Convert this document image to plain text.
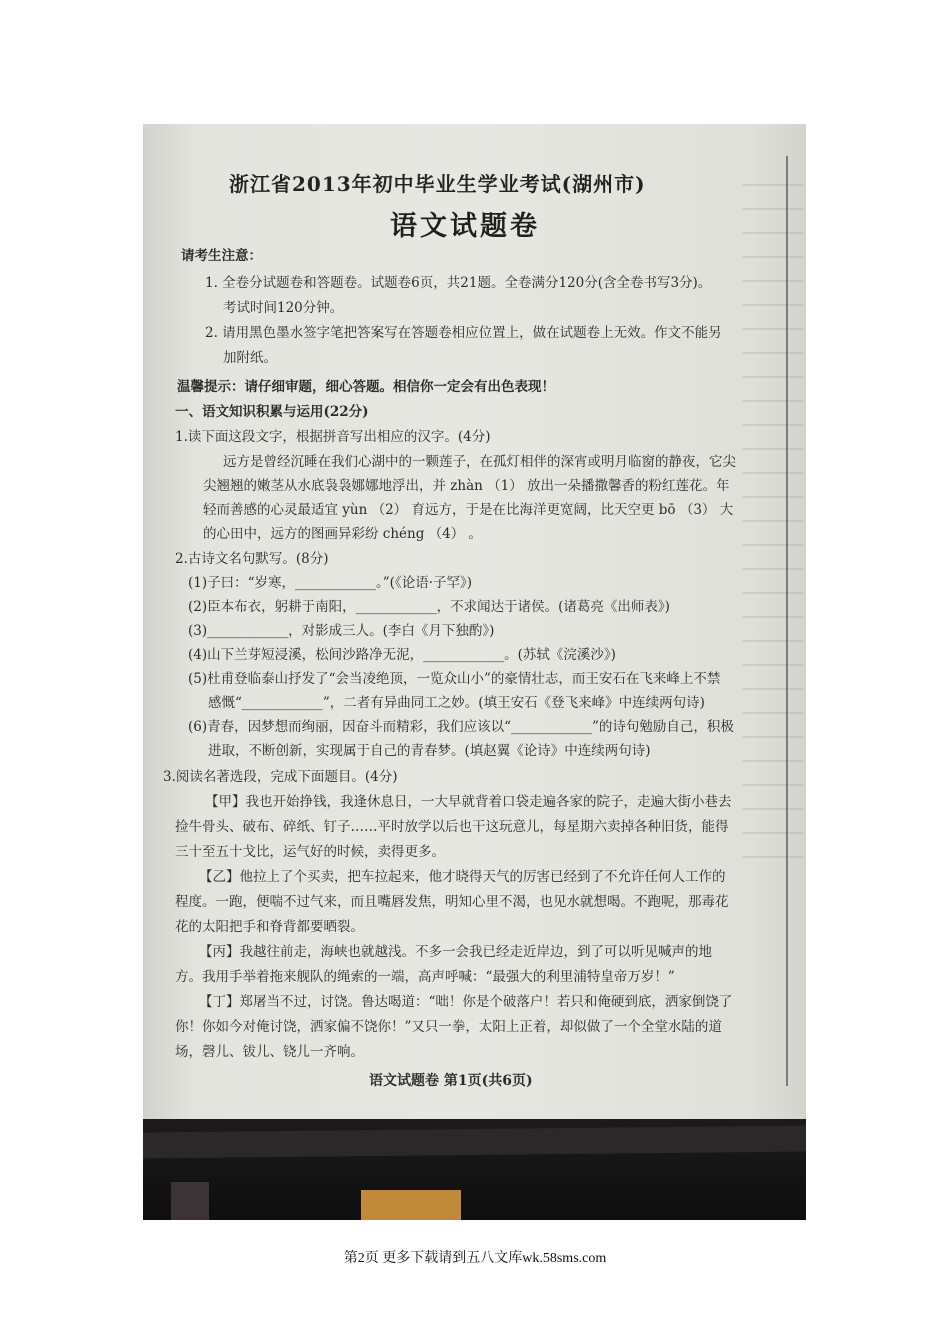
浙江省2013年初中毕业生学业考试(湖州市)
语文试题卷
请考生注意：
1. 全卷分试题卷和答题卷。试题卷6页，共21题。全卷满分120分(含全卷书写3分)。
考试时间120分钟。
2. 请用黑色墨水签字笔把答案写在答题卷相应位置上，做在试题卷上无效。作文不能另
加附纸。
温馨提示：请仔细审题，细心答题。相信你一定会有出色表现！
一、语文知识积累与运用(22分)
1.读下面这段文字，根据拼音写出相应的汉字。(4分)
远方是曾经沉睡在我们心湖中的一颗莲子，在孤灯相伴的深宵或明月临窗的静夜，它尖
尖翘翘的嫩茎从水底袅袅娜娜地浮出，并 zhàn （1） 放出一朵播撒馨香的粉红莲花。年
轻而善感的心灵最适宜 yùn （2） 育远方，于是在比海洋更宽阔，比天空更 bō （3） 大
的心田中，远方的图画异彩纷 chéng （4） 。
2.古诗文名句默写。(8分)
(1)子曰：“岁寒，____________。”(《论语·子罕》)
(2)臣本布衣，躬耕于南阳，____________，不求闻达于诸侯。(诸葛亮《出师表》)
(3)____________，对影成三人。(李白《月下独酌》)
(4)山下兰芽短浸溪，松间沙路净无泥，____________。(苏轼《浣溪沙》)
(5)杜甫登临泰山抒发了“会当凌绝顶，一览众山小”的豪情壮志，而王安石在飞来峰上不禁
感慨“____________”，二者有异曲同工之妙。(填王安石《登飞来峰》中连续两句诗)
(6)青春，因梦想而绚丽，因奋斗而精彩，我们应该以“____________”的诗句勉励自己，积极
进取，不断创新，实现属于自己的青春梦。(填赵翼《论诗》中连续两句诗)
3.阅读名著选段，完成下面题目。(4分)
【甲】我也开始挣钱，我逢休息日，一大早就背着口袋走遍各家的院子，走遍大街小巷去
捡牛骨头、破布、碎纸、钉子……平时放学以后也干这玩意儿，每星期六卖掉各种旧货，能得
三十至五十戈比，运气好的时候，卖得更多。
【乙】他拉上了个买卖，把车拉起来，他才晓得天气的厉害已经到了不允许任何人工作的
程度。一跑，便喘不过气来，而且嘴唇发焦，明知心里不渴，也见水就想喝。不跑呢，那毒花
花的太阳把手和脊背都要晒裂。
【丙】我越往前走，海峡也就越浅。不多一会我已经走近岸边，到了可以听见喊声的地
方。我用手举着拖来舰队的绳索的一端，高声呼喊：“最强大的利里浦特皇帝万岁！”
【丁】郑屠当不过，讨饶。鲁达喝道：“咄！你是个破落户！若只和俺硬到底，洒家倒饶了
你！你如今对俺讨饶，洒家偏不饶你！”又只一拳，太阳上正着，却似做了一个全堂水陆的道
场，磬儿、钹儿、铙儿一齐响。
语文试题卷 第1页(共6页)
第2页 更多下载请到五八文库wk.58sms.com
